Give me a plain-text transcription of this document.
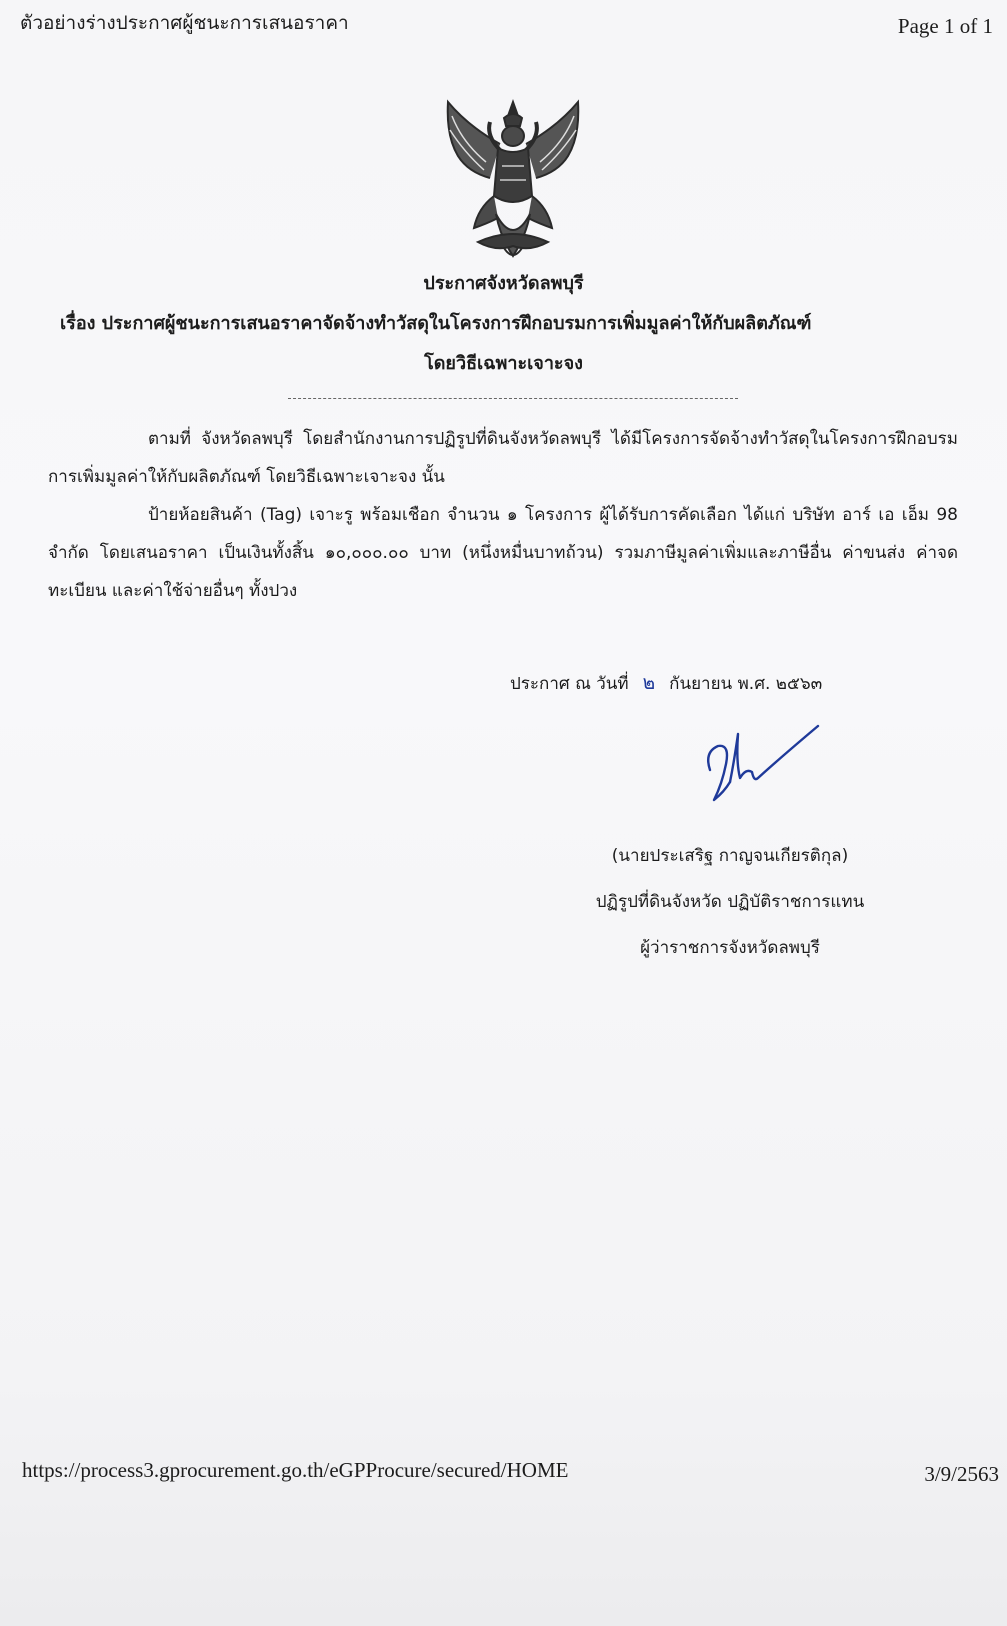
ตัวอย่างร่างประกาศผู้ชนะการเสนอราคา	Page 1 of 1
ประกาศจังหวัดลพบุรี
เรื่อง ประกาศผู้ชนะการเสนอราคาจัดจ้างทำวัสดุในโครงการฝึกอบรมการเพิ่มมูลค่าให้กับผลิตภัณฑ์
โดยวิธีเฉพาะเจาะจง
ตามที่ จังหวัดลพบุรี โดยสำนักงานการปฏิรูปที่ดินจังหวัดลพบุรี ได้มีโครงการจัดจ้างทำวัสดุในโครงการฝึกอบรมการเพิ่มมูลค่าให้กับผลิตภัณฑ์ โดยวิธีเฉพาะเจาะจง นั้น
ป้ายห้อยสินค้า (Tag) เจาะรู พร้อมเชือก จำนวน ๑ โครงการ ผู้ได้รับการคัดเลือก ได้แก่ บริษัท อาร์ เอ เอ็ม 98 จำกัด โดยเสนอราคา เป็นเงินทั้งสิ้น ๑๐,๐๐๐.๐๐ บาท (หนึ่งหมื่นบาทถ้วน) รวมภาษีมูลค่าเพิ่มและภาษีอื่น ค่าขนส่ง ค่าจดทะเบียน และค่าใช้จ่ายอื่นๆ ทั้งปวง
ประกาศ ณ วันที่ ๒ กันยายน พ.ศ. ๒๕๖๓
(นายประเสริฐ กาญจนเกียรติกุล)
ปฏิรูปที่ดินจังหวัด ปฏิบัติราชการแทน
ผู้ว่าราชการจังหวัดลพบุรี
https://process3.gprocurement.go.th/eGPProcure/secured/HOME	3/9/2563
